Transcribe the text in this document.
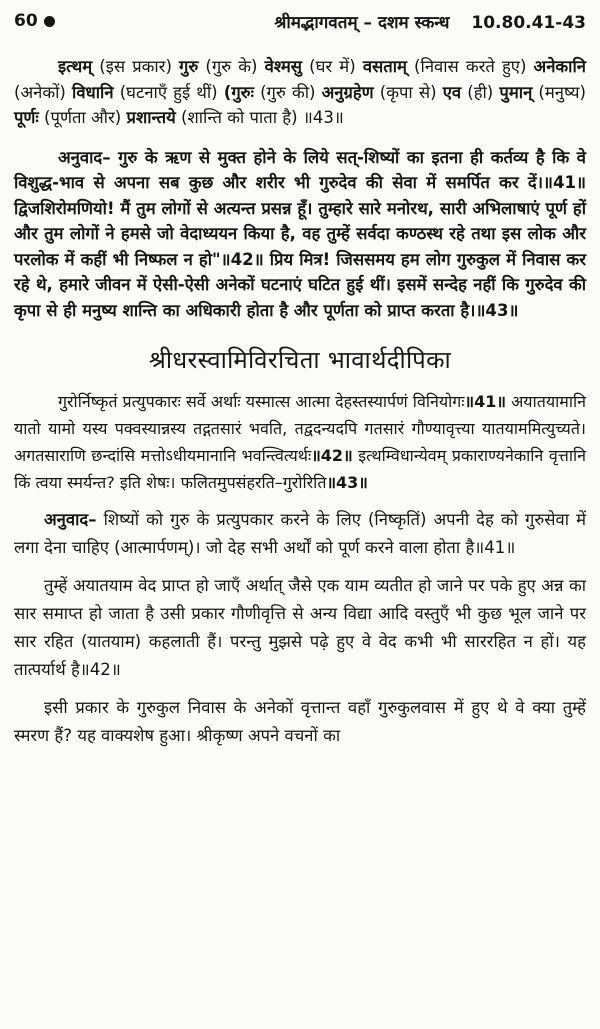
60	श्रीमद्भागवतम् – दशम स्कन्ध 10.80.41-43

इत्थम् (इस प्रकार) गुरु (गुरु के) वेश्मसु (घर में) वसताम् (निवास करते हुए) अनेकानि (अनेकों) विधानि (घटनाएँ हुई थीं) (गुरुः (गुरु की) अनुग्रहेण (कृपा से) एव (ही) पुमान् (मनुष्य) पूर्णः (पूर्णता और) प्रशान्तये (शान्ति को पाता है) ॥43॥

अनुवाद– गुरु के ऋण से मुक्त होने के लिये सत्-शिष्यों का इतना ही कर्तव्य है कि वे विशुद्ध-भाव से अपना सब कुछ और शरीर भी गुरुदेव की सेवा में समर्पित कर दें।॥41॥ द्विजशिरोमणियो! मैं तुम लोगों से अत्यन्त प्रसन्न हूँ। तुम्हारे सारे मनोरथ, सारी अभिलाषाएं पूर्ण हों और तुम लोगों ने हमसे जो वेदाध्ययन किया है, वह तुम्हें सर्वदा कण्ठस्थ रहे तथा इस लोक और परलोक में कहीं भी निष्फल न हो"॥42॥ प्रिय मित्र! जिससमय हम लोग गुरुकुल में निवास कर रहे थे, हमारे जीवन में ऐसी-ऐसी अनेकों घटनाएं घटित हुई थीं। इसमें सन्देह नहीं कि गुरुदेव की कृपा से ही मनुष्य शान्ति का अधिकारी होता है और पूर्णता को प्राप्त करता है।॥43॥

श्रीधरस्वामिविरचिता भावार्थदीपिका

गुरोर्निष्कृतं प्रत्युपकारः सर्वे अर्थाः यस्मात्स आत्मा देहस्तस्यार्पणं विनियोगः॥41॥ अयातयामानि यातो यामो यस्य पक्वस्यान्नस्य तद्गतसारं भवति, तद्वदन्यदपि गतसारं गौण्यावृत्त्या यातयाममित्युच्यते। अगतसाराणि छन्दांसि मत्तोऽधीयमानानि भवन्त्वित्यर्थः॥42॥ इत्थम्विधान्येवम् प्रकाराण्यनेकानि वृत्तानि किं त्वया स्मर्यन्त? इति शेषः। फलितमुपसंहरति–गुरोरिति॥43॥

अनुवाद– शिष्यों को गुरु के प्रत्युपकार करने के लिए (निष्कृतिं) अपनी देह को गुरुसेवा में लगा देना चाहिए (आत्मार्पणम्)। जो देह सभी अर्थों को पूर्ण करने वाला होता है॥41॥

तुम्हें अयातयाम वेद प्राप्त हो जाएँ अर्थात् जैसे एक याम व्यतीत हो जाने पर पके हुए अन्न का सार समाप्त हो जाता है उसी प्रकार गौणीवृत्ति से अन्य विद्या आदि वस्तुएँ भी कुछ भूल जाने पर सार रहित (यातयाम) कहलाती हैं। परन्तु मुझसे पढ़े हुए वे वेद कभी भी साररहित न हों। यह तात्पर्यार्थ है॥42॥

इसी प्रकार के गुरुकुल निवास के अनेकों वृत्तान्त वहाँ गुरुकुलवास में हुए थे वे क्या तुम्हें स्मरण हैं? यह वाक्यशेष हुआ। श्रीकृष्ण अपने वचनों का
